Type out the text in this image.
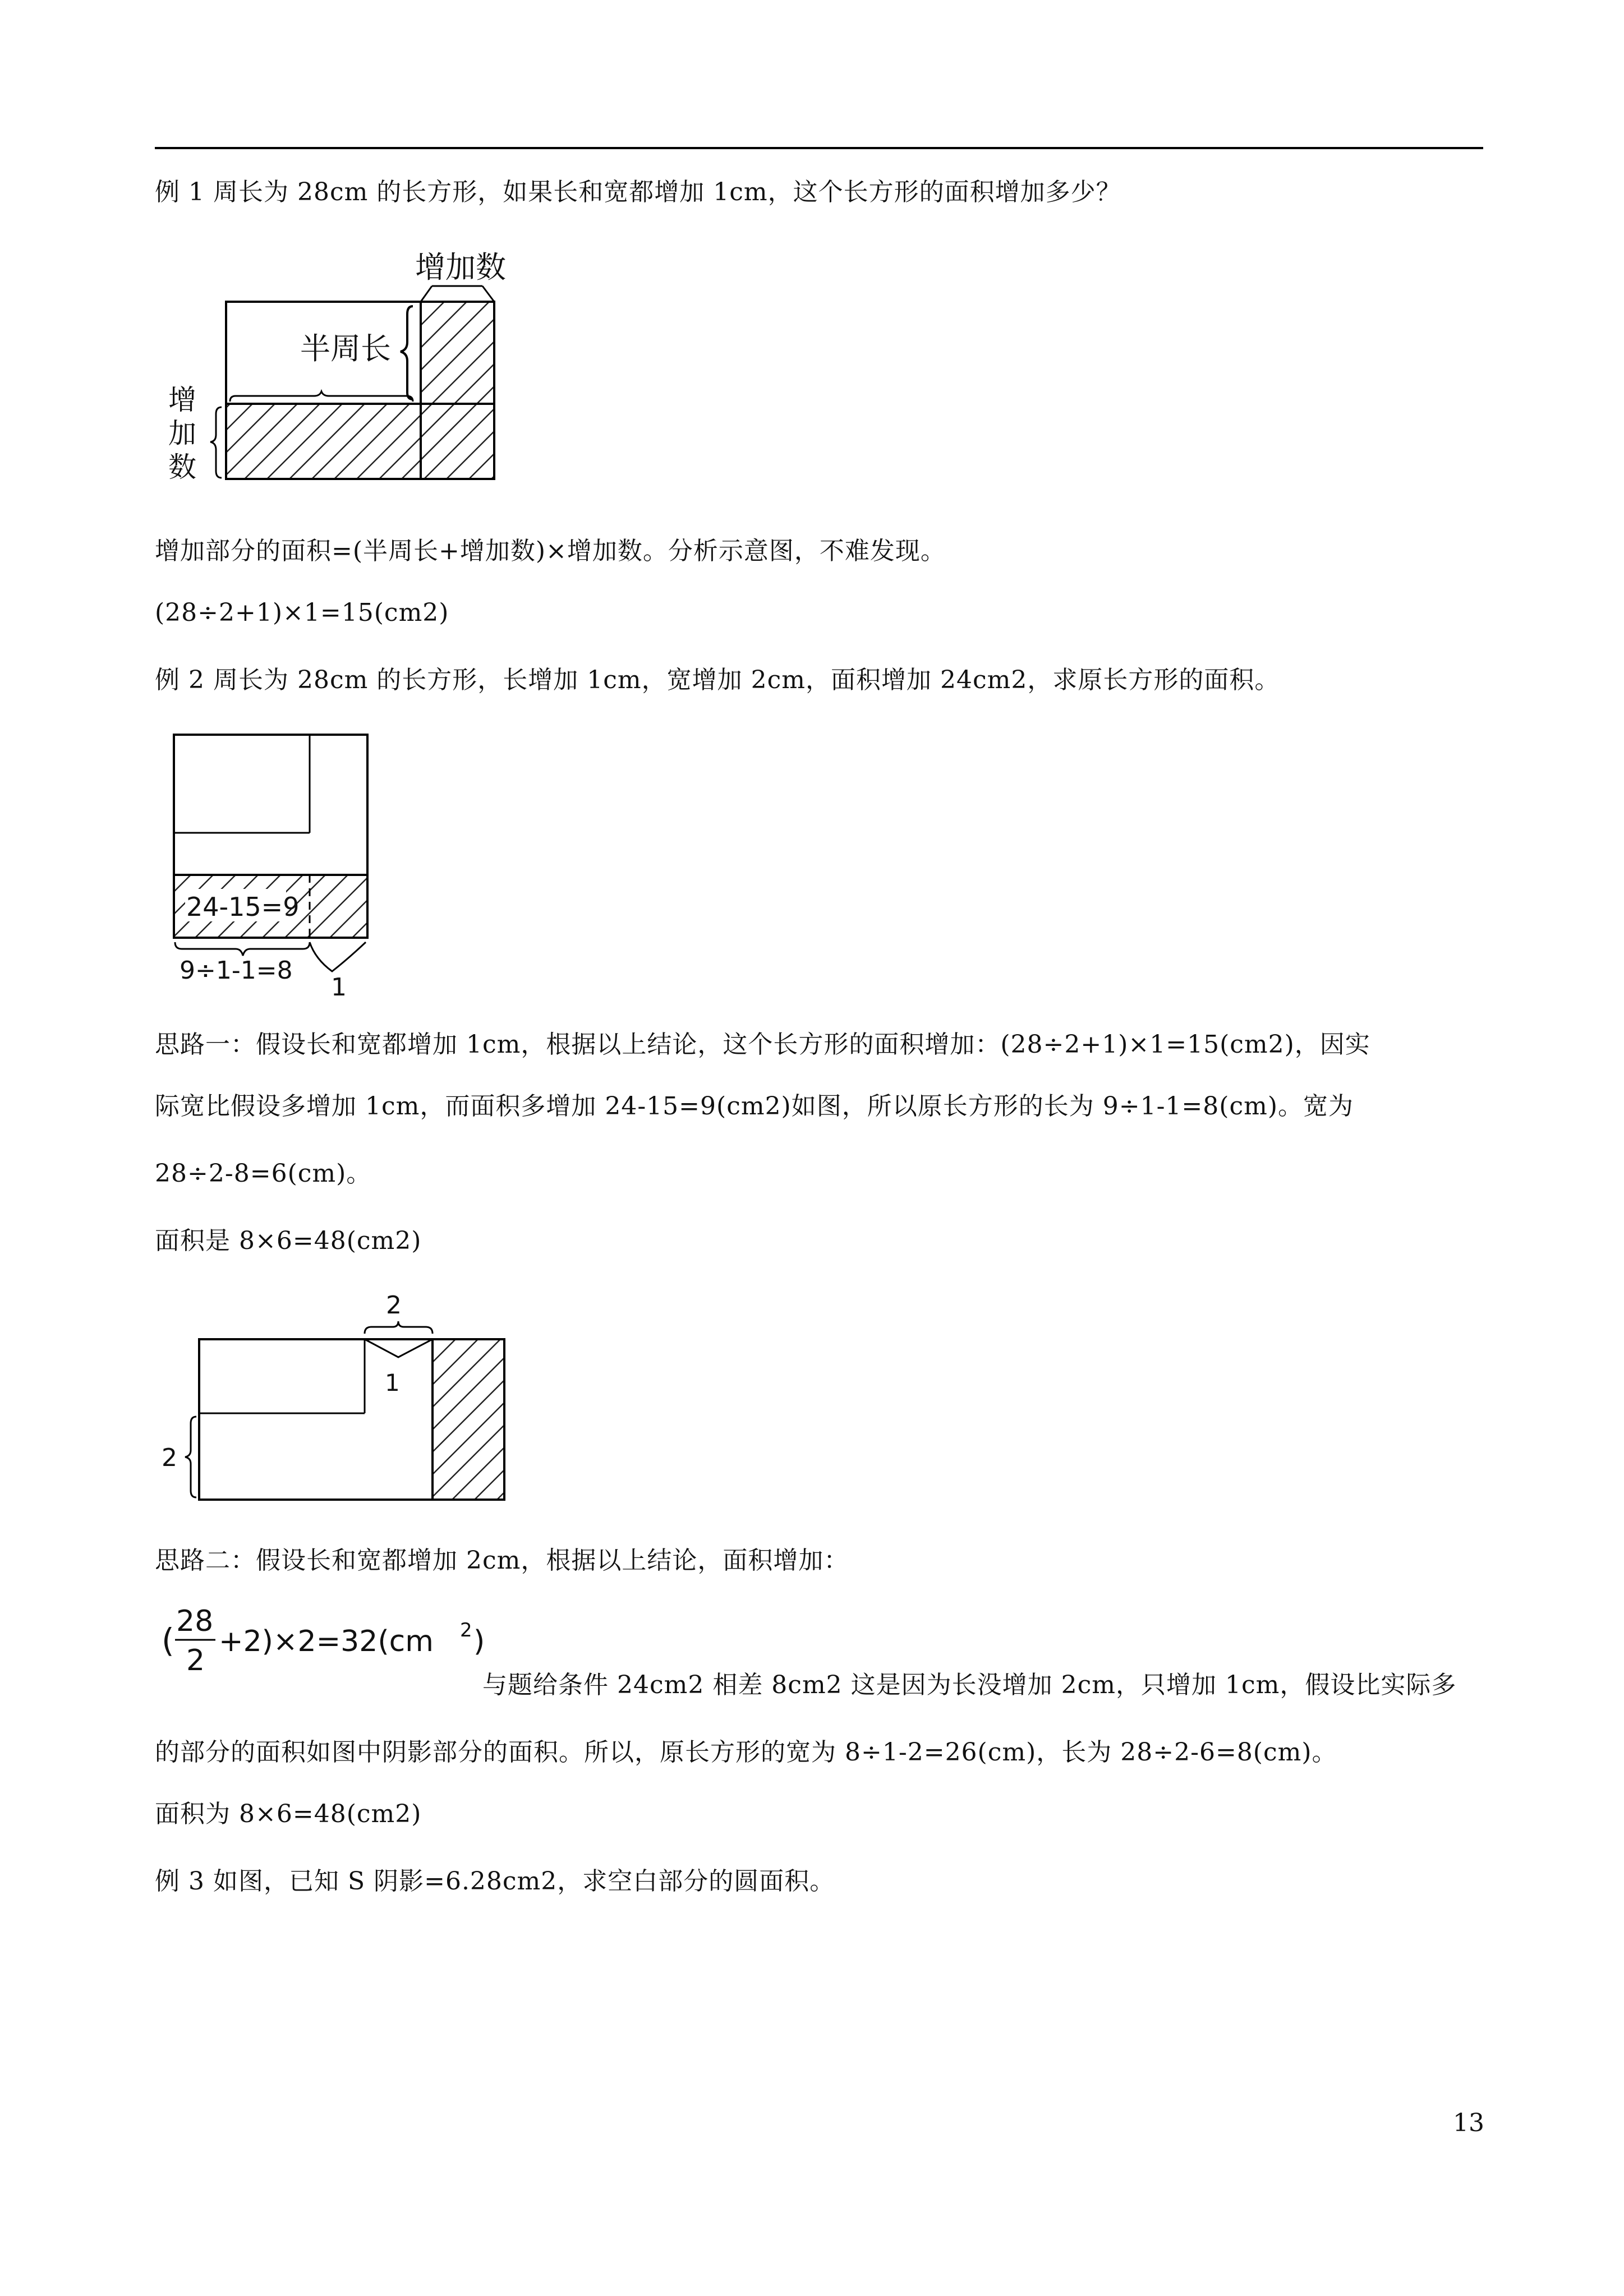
例 1 周长为 28cm 的长方形，如果长和宽都增加 1cm，这个长方形的面积增加多少？
增加数
半周长
增
加
数
增加部分的面积=(半周长+增加数)×增加数。分析示意图，不难发现。
(28÷2+1)×1=15(cm2)
例 2 周长为 28cm 的长方形，长增加 1cm，宽增加 2cm，面积增加 24cm2，求原长方形的面积。
24-15=9
9÷1-1=8
1
思路一：假设长和宽都增加 1cm，根据以上结论，这个长方形的面积增加：(28÷2+1)×1=15(cm2)，因实
际宽比假设多增加 1cm，而面积多增加 24-15=9(cm2)如图，所以原长方形的长为 9÷1-1=8(cm)。宽为
28÷2-8=6(cm)。
面积是 8×6=48(cm2)
2
1
2
思路二：假设长和宽都增加 2cm，根据以上结论，面积增加：
( 28
2
+2)×2=32(cm 2 )
与题给条件 24cm2 相差 8cm2 这是因为长没增加 2cm，只增加 1cm，假设比实际多
的部分的面积如图中阴影部分的面积。所以，原长方形的宽为 8÷1-2=26(cm)，长为 28÷2-6=8(cm)。
面积为 8×6=48(cm2)
例 3 如图，已知 S 阴影=6.28cm2，求空白部分的圆面积。
13
